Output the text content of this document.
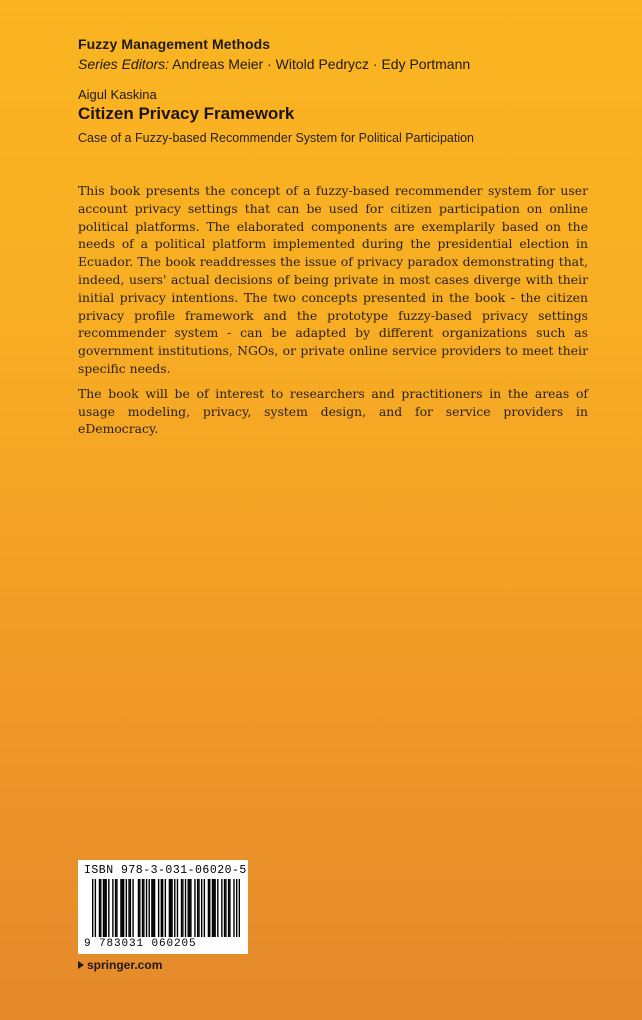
Fuzzy Management Methods
Series Editors: Andreas Meier · Witold Pedrycz · Edy Portmann
Aigul Kaskina
Citizen Privacy Framework
Case of a Fuzzy-based Recommender System for Political Participation

This book presents the concept of a fuzzy-based recommender system for user account privacy settings that can be used for citizen participation on online political platforms. The elaborated components are exemplarily based on the needs of a political platform implemented during the presidential election in Ecuador. The book readdresses the issue of privacy paradox demonstrating that, indeed, users' actual decisions of being private in most cases diverge with their initial privacy intentions. The two concepts presented in the book - the citizen privacy profile framework and the prototype fuzzy-based privacy settings recommender system - can be adapted by different organizations such as government institutions, NGOs, or private online service providers to meet their specific needs.

The book will be of interest to researchers and practitioners in the areas of usage modeling, privacy, system design, and for service providers in eDemocracy.

ISBN 978-3-031-06020-5
9 783031 060205
springer.com
